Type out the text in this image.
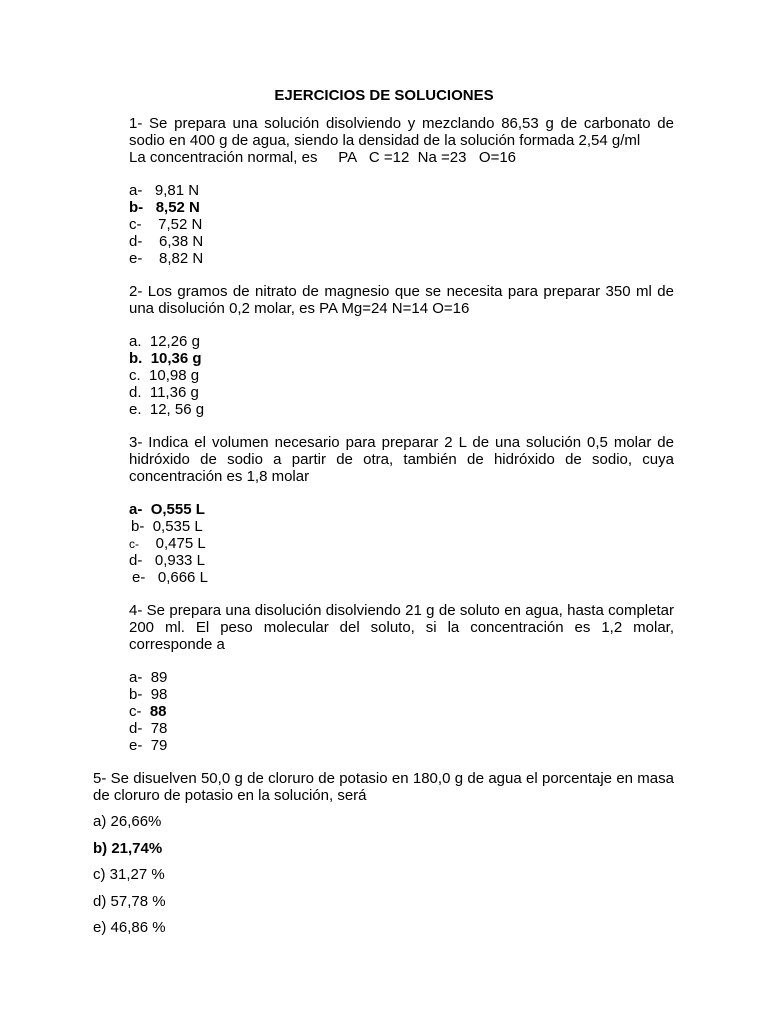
EJERCICIOS DE SOLUCIONES

1- Se prepara una solución disolviendo y mezclando 86,53 g de carbonato de sodio en 400 g de agua, siendo la densidad de la solución formada 2,54 g/ml
La concentración normal, es     PA   C =12  Na =23   O=16

a- 9,81 N
b- 8,52 N
c- 7,52 N
d- 6,38 N
e- 8,82 N

2- Los gramos de nitrato de magnesio que se necesita para preparar 350 ml de una disolución 0,2 molar, es PA Mg=24 N=14 O=16

a. 12,26 g
b. 10,36 g
c. 10,98 g
d. 11,36 g
e. 12, 56 g

3- Indica el volumen necesario para preparar 2 L de una solución 0,5 molar de hidróxido de sodio a partir de otra, también de hidróxido de sodio, cuya concentración es 1,8 molar

a- O,555 L
b- 0,535 L
c- 0,475 L
d- 0,933 L
e- 0,666 L

4- Se prepara una disolución disolviendo 21 g de soluto en agua, hasta completar 200 ml. El peso molecular del soluto, si la concentración es 1,2 molar, corresponde a

a- 89
b- 98
c- 88
d- 78
e- 79

5- Se disuelven 50,0 g de cloruro de potasio en 180,0 g de agua el porcentaje en masa de cloruro de potasio en la solución, será

a) 26,66%
b) 21,74%
c) 31,27 %
d) 57,78 %
e) 46,86 %
